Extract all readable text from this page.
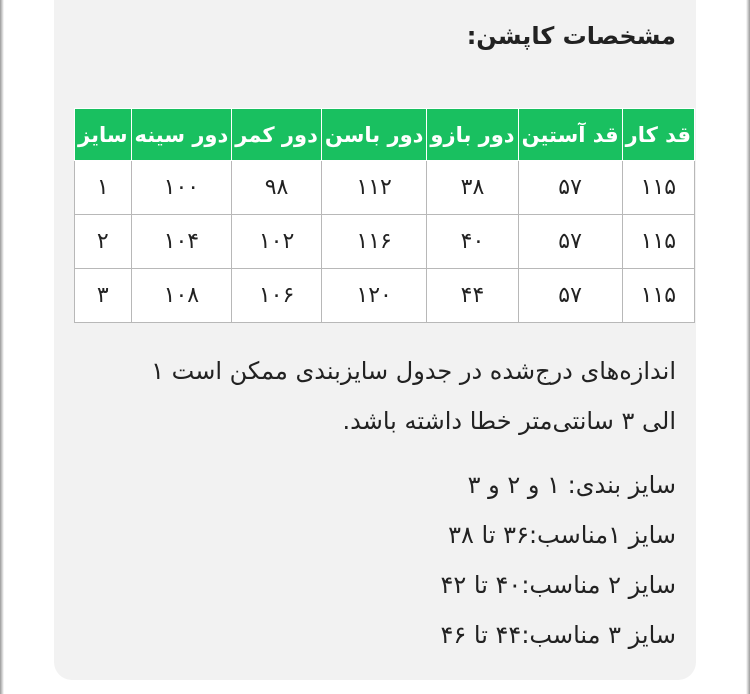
مشخصات کاپشن:
قد کار	قد آستین	دور بازو	دور باسن	دور کمر	دور سینه	سایز
۱۱۵	۵۷	۳۸	۱۱۲	۹۸	۱۰۰	۱
۱۱۵	۵۷	۴۰	۱۱۶	۱۰۲	۱۰۴	۲
۱۱۵	۵۷	۴۴	۱۲۰	۱۰۶	۱۰۸	۳

اندازه‌های درج‌شده در جدول سایزبندی ممکن است ۱
الی ۳ سانتی‌متر خطا داشته باشد.

سایز بندی: ۱ و ۲ و ۳
سایز ۱مناسب:۳۶ تا ۳۸
سایز ۲ مناسب:۴۰ تا ۴۲
سایز ۳ مناسب:۴۴ تا ۴۶
